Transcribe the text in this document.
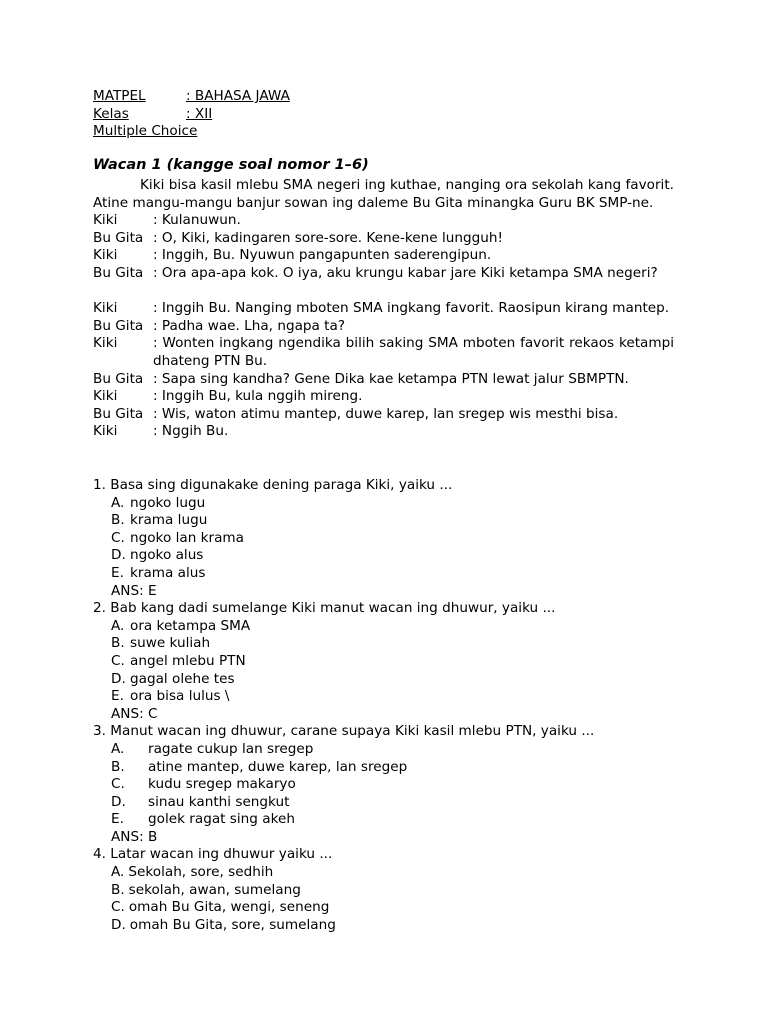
MATPEL	: BAHASA JAWA
Kelas	: XII
Multiple Choice
Wacan 1 (kangge soal nomor 1–6)
Kiki bisa kasil mlebu SMA negeri ing kuthae, nanging ora sekolah kang favorit. Atine mangu-mangu banjur sowan ing daleme Bu Gita minangka Guru BK SMP-ne.
Kiki	: Kulanuwun.
Bu Gita : O, Kiki, kadingaren sore-sore. Kene-kene lungguh!
Kiki	: Inggih, Bu. Nyuwun pangapunten saderengipun.
Bu Gita : Ora apa-apa kok. O iya, aku krungu kabar jare Kiki ketampa SMA negeri?
Kiki	: Inggih Bu. Nanging mboten SMA ingkang favorit. Raosipun kirang mantep.
Bu Gita : Padha wae. Lha, ngapa ta?
Kiki	: Wonten ingkang ngendika bilih saking SMA mboten favorit rekaos ketampi dhateng PTN Bu.
Bu Gita : Sapa sing kandha? Gene Dika kae ketampa PTN lewat jalur SBMPTN.
Kiki	: Inggih Bu, kula nggih mireng.
Bu Gita : Wis, waton atimu mantep, duwe karep, lan sregep wis mesthi bisa.
Kiki	: Nggih Bu.
1. Basa sing digunakake dening paraga Kiki, yaiku ...
A. ngoko lugu
B. krama lugu
C. ngoko lan krama
D. ngoko alus
E. krama alus
ANS: E
2. Bab kang dadi sumelange Kiki manut wacan ing dhuwur, yaiku ...
A. ora ketampa SMA
B. suwe kuliah
C. angel mlebu PTN
D. gagal olehe tes
E. ora bisa lulus \
ANS: C
3. Manut wacan ing dhuwur, carane supaya Kiki kasil mlebu PTN, yaiku ...
A.	ragate cukup lan sregep
B.	atine mantep, duwe karep, lan sregep
C.	kudu sregep makaryo
D.	sinau kanthi sengkut
E.	golek ragat sing akeh
ANS: B
4. Latar wacan ing dhuwur yaiku ...
A. Sekolah, sore, sedhih
B. sekolah, awan, sumelang
C. omah Bu Gita, wengi, seneng
D. omah Bu Gita, sore, sumelang
